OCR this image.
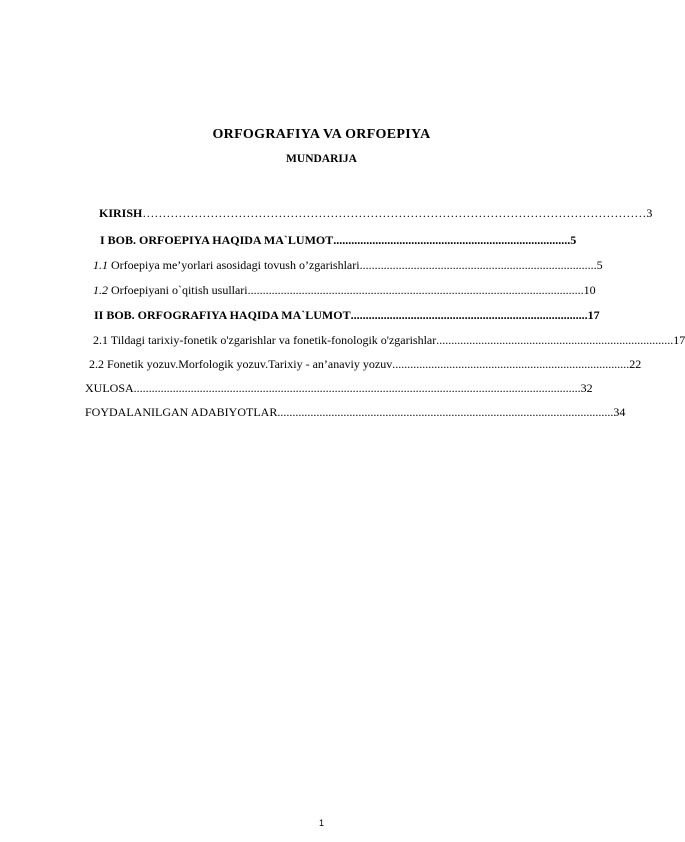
ORFOGRAFIYA VA ORFOEPIYA
MUNDARIJA
KIRISH ……………………………………………………………………………………………………………… 3
I BOB. ORFOEPIYA HAQIDA MA`LUMOT ............................................................................... 5
1.1 Orfoepiya me’yorlari asosidagi tovush o’zgarishlari ............................................................................... 5
1.2 Orfoepiyani o`qitish usullari ................................................................................................................ 10
II BOB. ORFOGRAFIYA HAQIDA MA`LUMOT ............................................................................... 17
2.1 Tildagi tarixiy-fonetik o'zgarishlar va fonetik-fonologik o'zgarishlar ............................................................................... 17
2.2 Fonetik yozuv.Morfologik yozuv.Tarixiy - an’anaviy yozuv ............................................................................... 22
XULOSA ..................................................................................................................................................... 32
FOYDALANILGAN ADABIYOTLAR ................................................................................................................ 34
1
